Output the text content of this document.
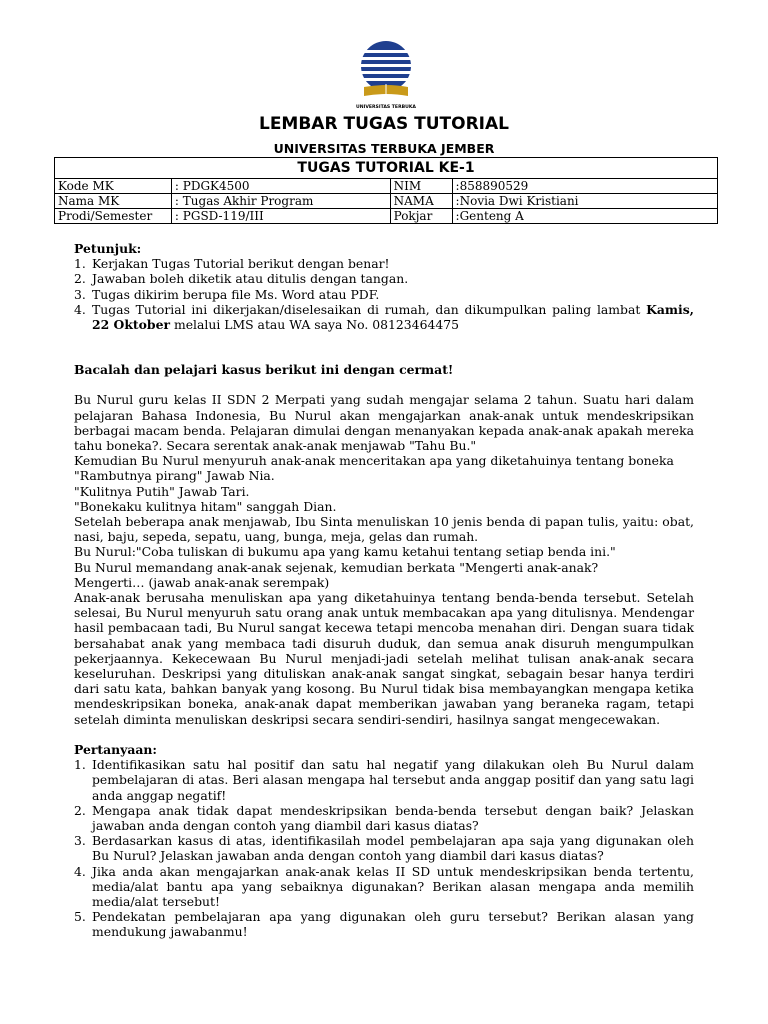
UNIVERSITAS TERBUKA
LEMBAR TUGAS TUTORIAL
UNIVERSITAS TERBUKA JEMBER
TUGAS TUTORIAL KE-1			
Kode MK	: PDGK4500	NIM	:858890529
Nama MK	: Tugas Akhir Program	NAMA	:Novia Dwi Kristiani
Prodi/Semester	: PGSD-119/III	Pokjar	:Genteng A
Petunjuk:
1. Kerjakan Tugas Tutorial berikut dengan benar!
2. Jawaban boleh diketik atau ditulis dengan tangan.
3. Tugas dikirim berupa file Ms. Word atau PDF.
4. Tugas Tutorial ini dikerjakan/diselesaikan di rumah, dan dikumpulkan paling lambat Kamis, 22 Oktober melalui LMS atau WA saya No. 08123464475
Bacalah dan pelajari kasus berikut ini dengan cermat!

Bu Nurul guru kelas II SDN 2 Merpati yang sudah mengajar selama 2 tahun. Suatu hari dalam pelajaran Bahasa Indonesia, Bu Nurul akan mengajarkan anak-anak untuk mendeskripsikan berbagai macam benda. Pelajaran dimulai dengan menanyakan kepada anak-anak apakah mereka tahu boneka?. Secara serentak anak-anak menjawab "Tahu Bu."

Kemudian Bu Nurul menyuruh anak-anak menceritakan apa yang diketahuinya tentang boneka

"Rambutnya pirang" Jawab Nia.

"Kulitnya Putih" Jawab Tari.

"Bonekaku kulitnya hitam" sanggah Dian.

Setelah beberapa anak menjawab, Ibu Sinta menuliskan 10 jenis benda di papan tulis, yaitu: obat, nasi, baju, sepeda, sepatu, uang, bunga, meja, gelas dan rumah.

Bu Nurul:"Coba tuliskan di bukumu apa yang kamu ketahui tentang setiap benda ini."

Bu Nurul memandang anak-anak sejenak, kemudian berkata "Mengerti anak-anak?

Mengerti… (jawab anak-anak serempak)

Anak-anak berusaha menuliskan apa yang diketahuinya tentang benda-benda tersebut. Setelah selesai, Bu Nurul menyuruh satu orang anak untuk membacakan apa yang ditulisnya. Mendengar hasil pembacaan tadi, Bu Nurul sangat kecewa tetapi mencoba menahan diri. Dengan suara tidak bersahabat anak yang membaca tadi disuruh duduk, dan semua anak disuruh mengumpulkan pekerjaannya. Kekecewaan Bu Nurul menjadi-jadi setelah melihat tulisan anak-anak secara keseluruhan. Deskripsi yang dituliskan anak-anak sangat singkat, sebagain besar hanya terdiri dari satu kata, bahkan banyak yang kosong. Bu Nurul tidak bisa membayangkan mengapa ketika mendeskripsikan boneka, anak-anak dapat memberikan jawaban yang beraneka ragam, tetapi setelah diminta menuliskan deskripsi secara sendiri-sendiri, hasilnya sangat mengecewakan.

Pertanyaan:
1. Identifikasikan satu hal positif dan satu hal negatif yang dilakukan oleh Bu Nurul dalam pembelajaran di atas. Beri alasan mengapa hal tersebut anda anggap positif dan yang satu lagi anda anggap negatif!
2. Mengapa anak tidak dapat mendeskripsikan benda-benda tersebut dengan baik? Jelaskan jawaban anda dengan contoh yang diambil dari kasus diatas?
3. Berdasarkan kasus di atas, identifikasilah model pembelajaran apa saja yang digunakan oleh Bu Nurul? Jelaskan jawaban anda dengan contoh yang diambil dari kasus diatas?
4. Jika anda akan mengajarkan anak-anak kelas II SD untuk mendeskripsikan benda tertentu, media/alat bantu apa yang sebaiknya digunakan? Berikan alasan mengapa anda memilih media/alat tersebut!
5. Pendekatan pembelajaran apa yang digunakan oleh guru tersebut? Berikan alasan yang mendukung jawabanmu!
